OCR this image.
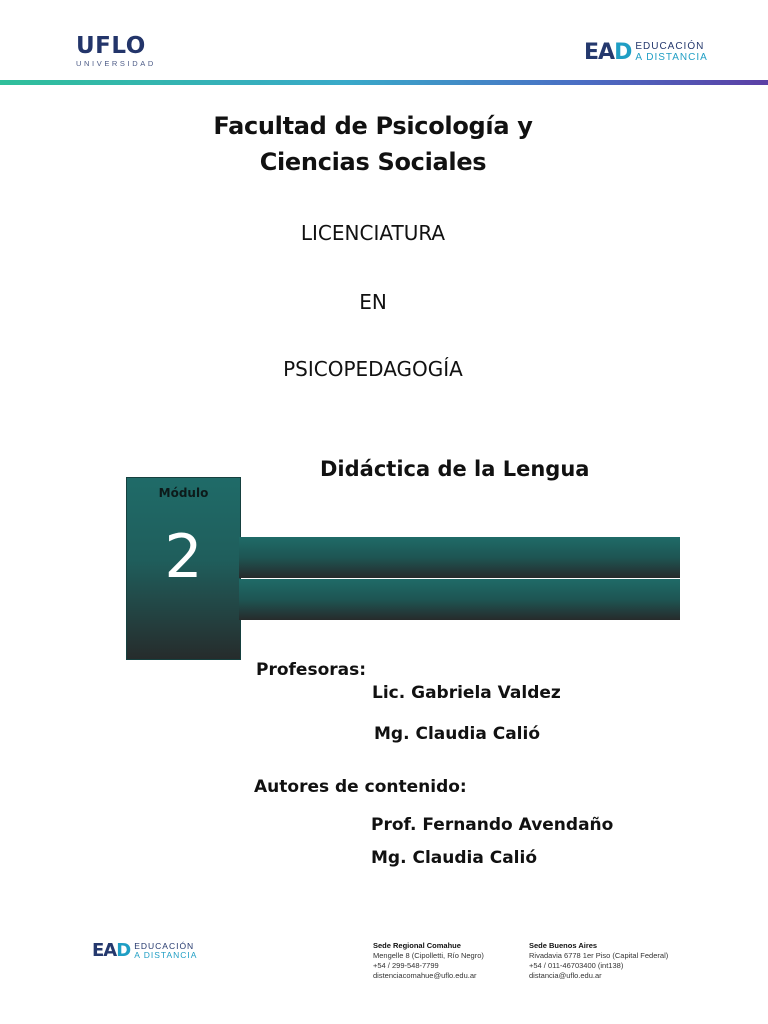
UFLO
UNIVERSIDAD	EAD EDUCACIÓN
A DISTANCIA
Facultad de Psicología y
Ciencias Sociales
LICENCIATURA
EN
PSICOPEDAGOGÍA
Didáctica de la Lengua
Módulo
2
Profesoras:
Lic. Gabriela Valdez
Mg. Claudia Calió
Autores de contenido:
Prof. Fernando Avendaño
Mg. Claudia Calió
EAD EDUCACIÓN
A DISTANCIA
Sede Regional Comahue
Mengelle 8 (Cipolletti, Río Negro)
+54 / 299-548-7799
distenciacomahue@uflo.edu.ar
Sede Buenos Aires
Rivadavia 6778 1er Piso (Capital Federal)
+54 / 011-46703400 (int138)
distancia@uflo.edu.ar
